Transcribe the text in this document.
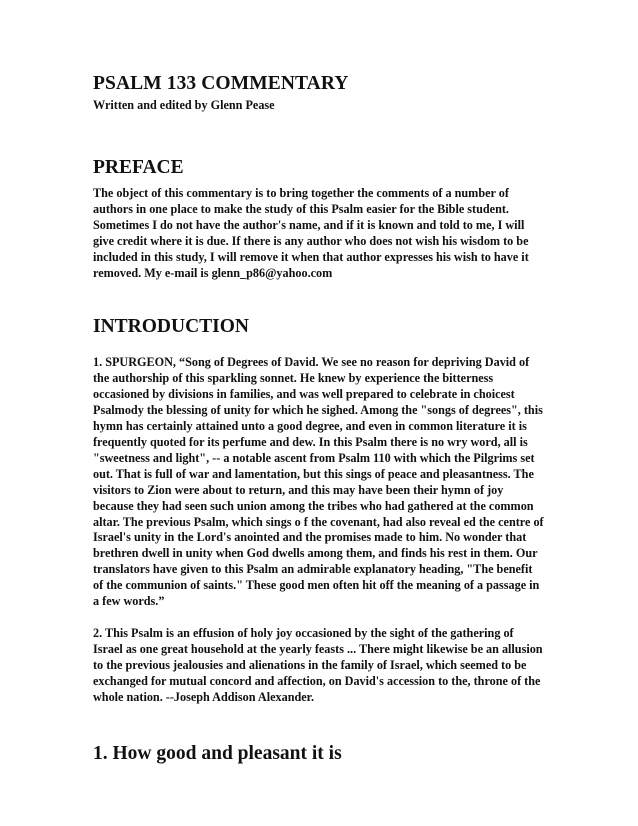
PSALM 133 COMMENTARY
Written and edited by Glenn Pease
PREFACE

The object of this commentary is to bring together the comments of a number of authors in one place to make the study of this Psalm easier for the Bible student. Sometimes I do not have the author's name, and if it is known and told to me, I will give credit where it is due. If there is any author who does not wish his wisdom to be included in this study, I will remove it when that author expresses his wish to have it removed. My e-mail is glenn_p86@yahoo.com

INTRODUCTION

1. SPURGEON, “Song of Degrees of David. We see no reason for depriving David of the authorship of this sparkling sonnet. He knew by experience the bitterness occasioned by divisions in families, and was well prepared to celebrate in choicest Psalmody the blessing of unity for which he sighed. Among the "songs of degrees", this hymn has certainly attained unto a good degree, and even in common literature it is frequently quoted for its perfume and dew. In this Psalm there is no wry word, all is "sweetness and light", -- a notable ascent from Psalm 110 with which the Pilgrims set out. That is full of war and lamentation, but this sings of peace and pleasantness. The visitors to Zion were about to return, and this may have been their hymn of joy because they had seen such union among the tribes who had gathered at the common altar. The previous Psalm, which sings o f the covenant, had also reveal ed the centre of Israel's unity in the Lord's anointed and the promises made to him. No wonder that brethren dwell in unity when God dwells among them, and finds his rest in them. Our translators have given to this Psalm an admirable explanatory heading, "The benefit of the communion of saints." These good men often hit off the meaning of a passage in a few words.”

2. This Psalm is an effusion of holy joy occasioned by the sight of the gathering of Israel as one great household at the yearly feasts ... There might likewise be an allusion to the previous jealousies and alienations in the family of Israel, which seemed to be exchanged for mutual concord and affection, on David's accession to the, throne of the whole nation. --Joseph Addison Alexander.

1. How good and pleasant it is
